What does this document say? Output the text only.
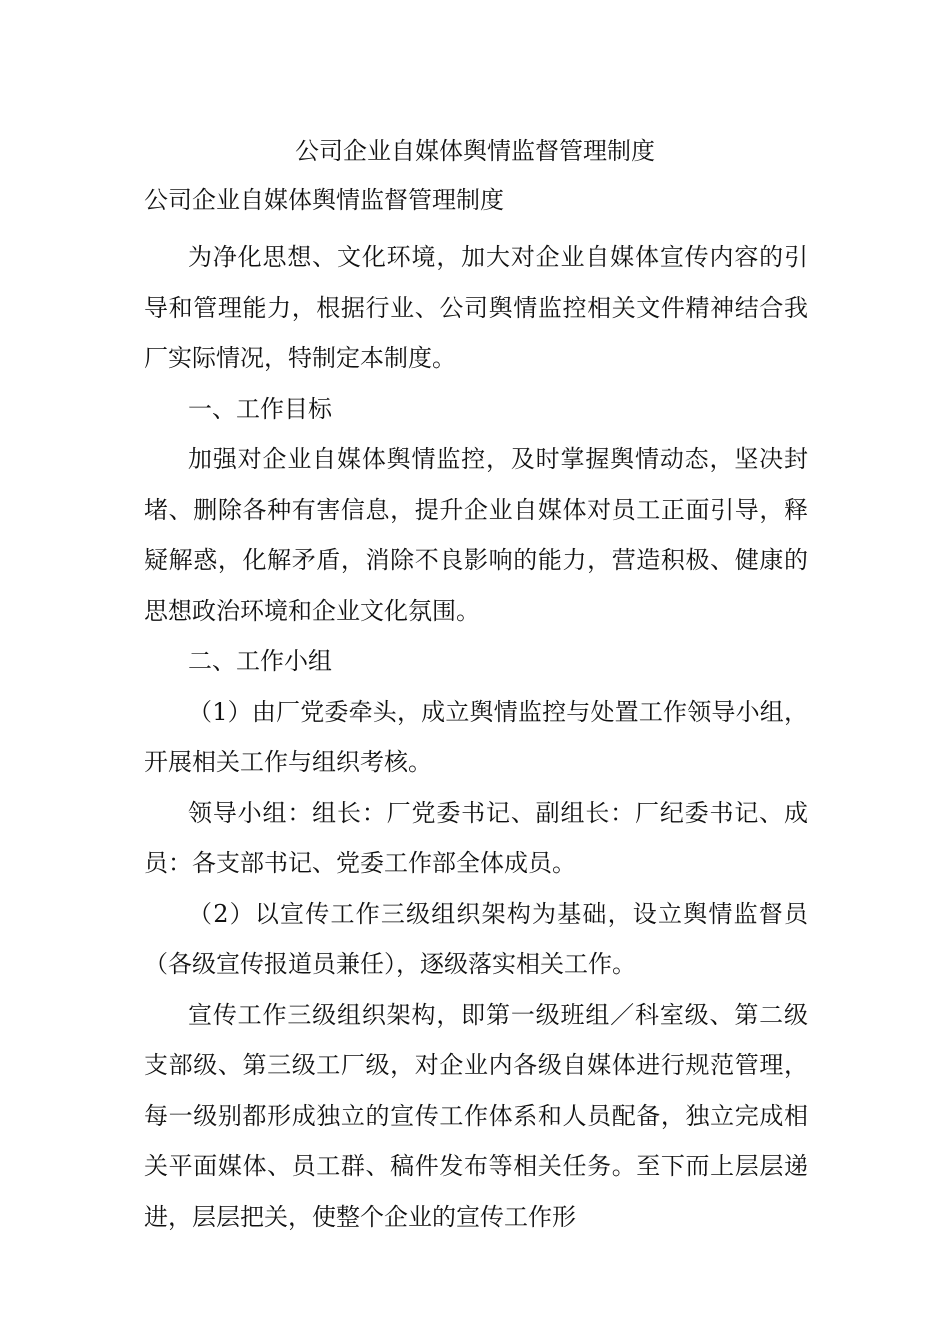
公司企业自媒体舆情监督管理制度
公司企业自媒体舆情监督管理制度

为净化思想、文化环境，加大对企业自媒体宣传内容的引导和管理能力，根据行业、公司舆情监控相关文件精神结合我厂实际情况，特制定本制度。

一、工作目标

加强对企业自媒体舆情监控，及时掌握舆情动态，坚决封堵、删除各种有害信息，提升企业自媒体对员工正面引导，释疑解惑，化解矛盾，消除不良影响的能力，营造积极、健康的思想政治环境和企业文化氛围。

二、工作小组

（1）由厂党委牵头，成立舆情监控与处置工作领导小组，开展相关工作与组织考核。

领导小组：组长：厂党委书记、副组长：厂纪委书记、成员：各支部书记、党委工作部全体成员。

（2）以宣传工作三级组织架构为基础，设立舆情监督员（各级宣传报道员兼任），逐级落实相关工作。

宣传工作三级组织架构，即第一级班组／科室级、第二级支部级、第三级工厂级，对企业内各级自媒体进行规范管理，每一级别都形成独立的宣传工作体系和人员配备，独立完成相关平面媒体、员工群、稿件发布等相关任务。至下而上层层递进，层层把关，使整个企业的宣传工作形
